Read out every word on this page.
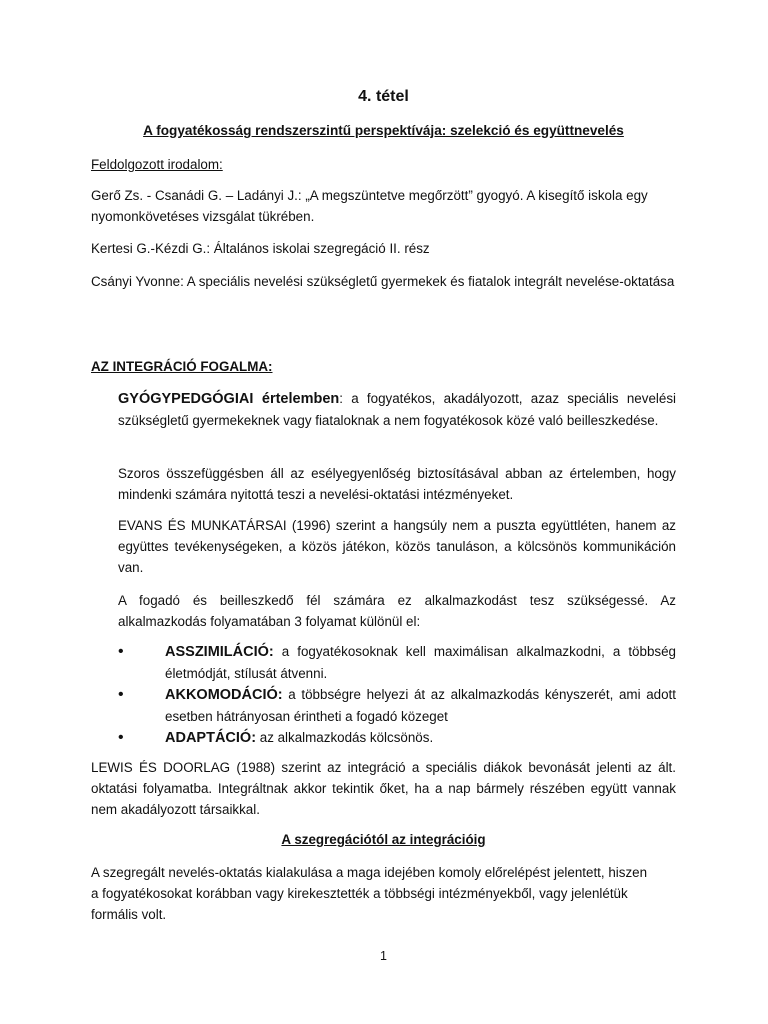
4. tétel
A fogyatékosság rendszerszintű perspektívája: szelekció és együttnevelés

Feldolgozott irodalom:

Gerő Zs. - Csanádi G. – Ladányi J.: „A megszüntetve megőrzött” gyogyó. A kisegítő iskola egy nyomonkövetéses vizsgálat tükrében.

Kertesi G.-Kézdi G.: Általános iskolai szegregáció II. rész

Csányi Yvonne: A speciális nevelési szükségletű gyermekek és fiatalok integrált nevelése-oktatása

AZ INTEGRÁCIÓ FOGALMA:

GYÓGYPEDGÓGIAI értelemben: a fogyatékos, akadályozott, azaz speciális nevelési szükségletű gyermekeknek vagy fiataloknak a nem fogyatékosok közé való beilleszkedése.

Szoros összefüggésben áll az esélyegyenlőség biztosításával abban az értelemben, hogy mindenki számára nyitottá teszi a nevelési-oktatási intézményeket.

EVANS ÉS MUNKATÁRSAI (1996) szerint a hangsúly nem a puszta együttléten, hanem az együttes tevékenységeken, a közös játékon, közös tanuláson, a kölcsönös kommunikáción van.

A fogadó és beilleszkedő fél számára ez alkalmazkodást tesz szükségessé. Az alkalmazkodás folyamatában 3 folyamat különül el:

•	ASSZIMILÁCIÓ: a fogyatékosoknak kell maximálisan alkalmazkodni, a többség életmódját, stílusát átvenni.
•	AKKOMODÁCIÓ: a többségre helyezi át az alkalmazkodás kényszerét, ami adott esetben hátrányosan érintheti a fogadó közeget
•	ADAPTÁCIÓ: az alkalmazkodás kölcsönös.

LEWIS ÉS DOORLAG (1988) szerint az integráció a speciális diákok bevonását jelenti az ált. oktatási folyamatba. Integráltnak akkor tekintik őket, ha a nap bármely részében együtt vannak nem akadályozott társaikkal.

A szegregációtól az integrációig

A szegregált nevelés-oktatás kialakulása a maga idejében komoly előrelépést jelentett, hiszen a fogyatékosokat korábban vagy kirekesztették a többségi intézményekből, vagy jelenlétük formális volt.

1
